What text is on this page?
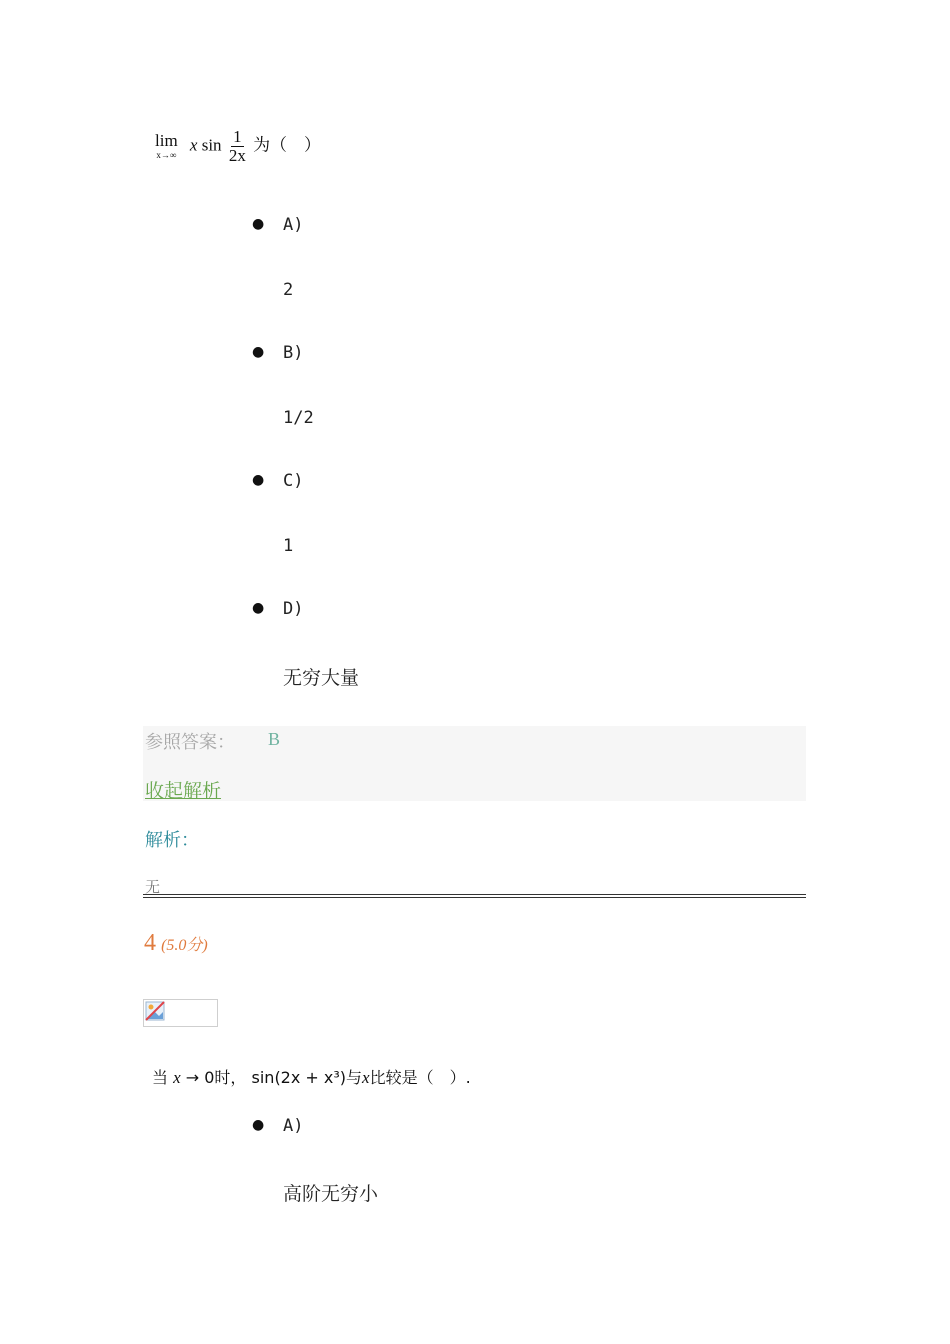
lim
x→∞
x $\sin \frac{1}{2x}$ 为（　）
● A)
2
● B)
1/2
● C)
1
● D)
无穷大量
参照答案： B
收起解析
解析：
无
4 (5.0分)
当 x → 0时， sin(2x + x³)与x比较是（　）.
● A)
高阶无穷小
